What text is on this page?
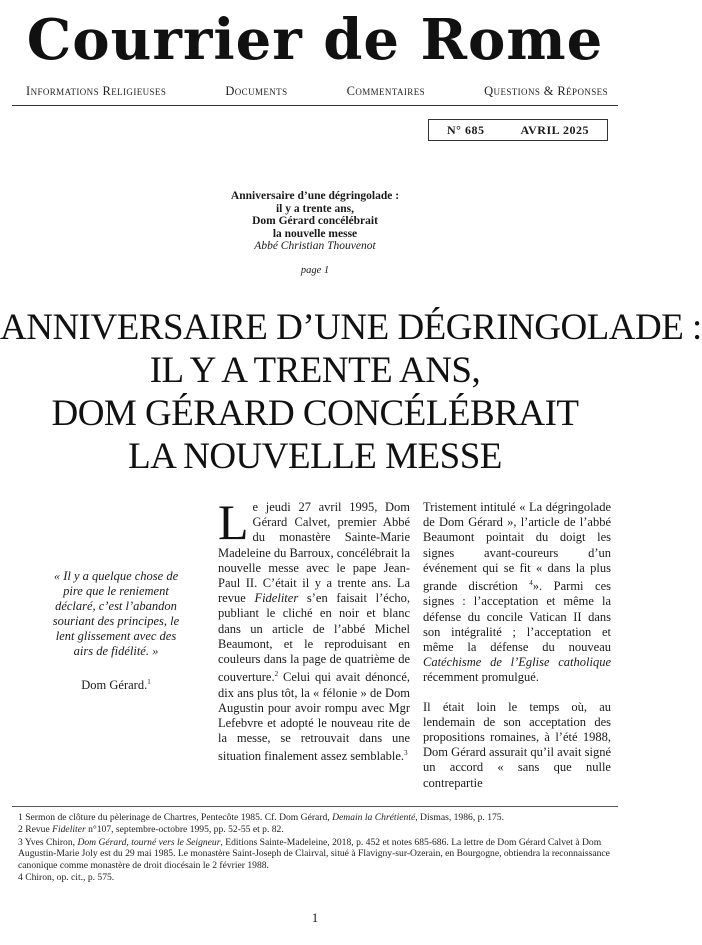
Courrier de Rome
Informations Religieuses	Documents	Commentaires	Questions & Réponses
N° 685	AVRIL 2025
Anniversaire d’une dégringolade :
il y a trente ans,
Dom Gérard concélébrait
la nouvelle messe
Abbé Christian Thouvenot
page 1
ANNIVERSAIRE D’UNE DÉGRINGOLADE :
IL Y A TRENTE ANS,
DOM GÉRARD CONCÉLÉBRAIT
LA NOUVELLE MESSE
« Il y a quelque chose de pire que le reniement déclaré, c’est l’abandon souriant des principes, le lent glissement avec des airs de fidélité. »
Dom Gérard.$^1$

Le jeudi 27 avril 1995, Dom Gérard Calvet, premier Abbé du monastère Sainte-Marie Madeleine du Barroux, concélébrait la nouvelle messe avec le pape Jean-Paul II. C’était il y a trente ans. La revue Fideliter s’en faisait l’écho, publiant le cliché en noir et blanc dans un article de l’abbé Michel Beaumont, et le reproduisant en couleurs dans la page de quatrième de couverture.$^2$ Celui qui avait dénoncé, dix ans plus tôt, la « félonie » de Dom Augustin pour avoir rompu avec Mgr Lefebvre et adopté le nouveau rite de la messe, se retrouvait dans une situation finalement assez semblable.$^3$

Tristement intitulé « La dégringolade de Dom Gérard », l’article de l’abbé Beaumont pointait du doigt les signes avant-coureurs d’un événement qui se fit « dans la plus grande discrétion $^4$». Parmi ces signes : l’acceptation et même la défense du concile Vatican II dans son intégralité ; l’acceptation et même la défense du nouveau Catéchisme de l’Eglise catholique récemment promulgué.

Il était loin le temps où, au lendemain de son acceptation des propositions romaines, à l’été 1988, Dom Gérard assurait qu’il avait signé un accord « sans que nulle contrepartie

1 Sermon de clôture du pèlerinage de Chartres, Pentecôte 1985. Cf. Dom Gérard, Demain la Chrétienté, Dismas, 1986, p. 175.

2 Revue Fideliter n°107, septembre-octobre 1995, pp. 52-55 et p. 82.

3 Yves Chiron, Dom Gérard, tourné vers le Seigneur, Editions Sainte-Madeleine, 2018, p. 452 et notes 685-686. La lettre de Dom Gérard Calvet à Dom Augustin-Marie Joly est du 29 mai 1985. Le monastère Saint-Joseph de Clairval, situé à Flavigny-sur-Ozerain, en Bourgogne, obtiendra la reconnaissance canonique comme monastère de droit diocésain le 2 février 1988.

4 Chiron, op. cit., p. 575.

1
